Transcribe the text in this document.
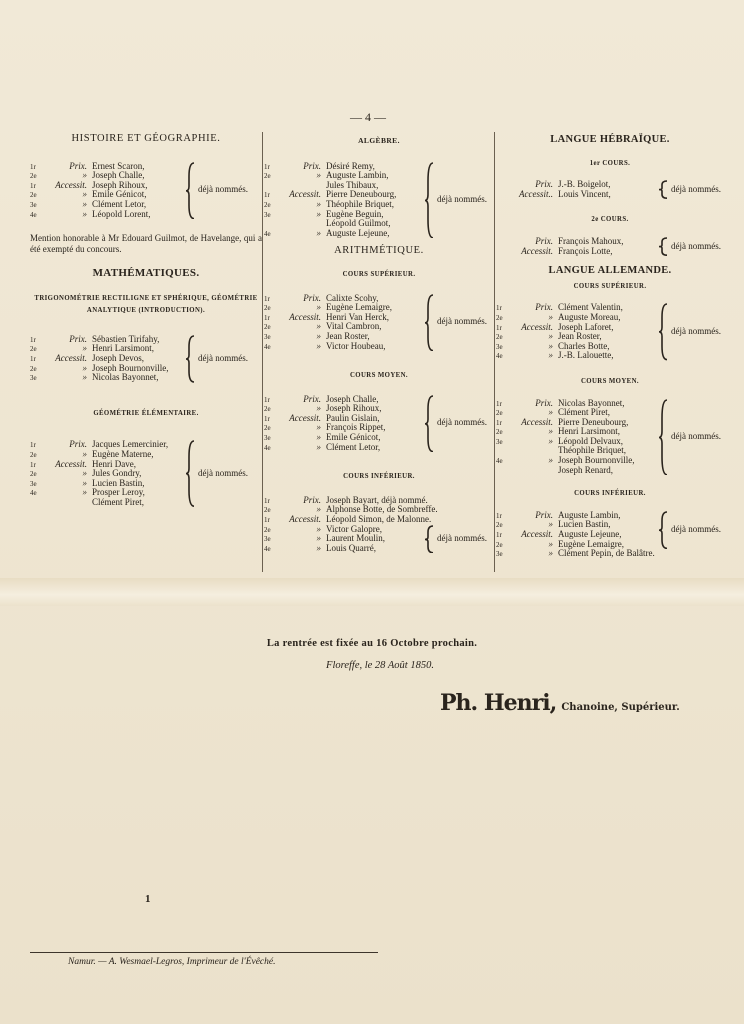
— 4 —

HISTOIRE ET GÉOGRAPHIE.

1r	Prix. Ernest Scaron,
2e	» Joseph Challe,
1r Accessit. Joseph Rihoux,
2e	» Emile Génicot,
3e	» Clément Letor,
4e	» Léopold Lorent,
déjà nommés.

Mention honorable à Mr Edouard Guilmot, de Havelange, qui a été exempté du concours.

MATHÉMATIQUES.

TRIGONOMÉTRIE RECTILIGNE ET SPHÉRIQUE, GÉOMÉTRIE ANALYTIQUE (INTRODUCTION).

1r	Prix. Sébastien Tirifahy,
2e	» Henri Larsimont,
1r Accessit. Joseph Devos,
2e	» Joseph Bournonville,
3e	» Nicolas Bayonnet,
déjà nommés.

GÉOMÉTRIE ÉLÉMENTAIRE.

1r	Prix. Jacques Lemercinier,
2e	» Eugène Materne,
1r Accessit. Henri Dave,
2e	» Jules Gondry,
3e	» Lucien Bastin,
4e	» Prosper Leroy,
Clément Piret,
déjà nommés.

ALGÈBRE.

1r	Prix. Désiré Remy,
2e	» Auguste Lambin,
Jules Thibaux,
1r Accessit. Pierre Deneubourg,
2e	» Théophile Briquet,
3e	» Eugène Beguin,
Léopold Guilmot,
4e	» Auguste Lejeune,
déjà nommés.

ARITHMÉTIQUE.

COURS SUPÉRIEUR.

1r	Prix. Calixte Scohy,
2e	» Eugène Lemaigre,
1r Accessit. Henri Van Herck,
2e	» Vital Cambron,
3e	» Jean Roster,
4e	» Victor Houbeau,
déjà nommés.

COURS MOYEN.

1r	Prix. Joseph Challe,
2e	» Joseph Rihoux,
1r Accessit. Paulin Gislain,
2e	» François Rippet,
3e	» Emile Génicot,
4e	» Clément Letor,
déjà nommés.

COURS INFÉRIEUR.

1r	Prix. Joseph Bayart, déjà nommé.
2e	» Alphonse Botte, de Sombreffe.
1r Accessit. Léopold Simon, de Malonne.
2e	» Victor Galopre,
3e	» Laurent Moulin,
4e	» Louis Quarré,
déjà nommés.

LANGUE HÉBRAÏQUE.

1er COURS.

Prix. J.-B. Boigelot,
Accessit.. Louis Vincent,	déjà nommés.

2e COURS.

Prix. François Mahoux,
Accessit. François Lotte,	déjà nommés.

LANGUE ALLEMANDE.

COURS SUPÉRIEUR.

1r	Prix. Clément Valentin,
2e	» Auguste Moreau,
1r Accessit. Joseph Laforet,
2e	» Jean Roster,
3e	» Charles Botte,
4e	» J.-B. Lalouette,
déjà nommés.

COURS MOYEN.

1r	Prix. Nicolas Bayonnet,
2e	» Clément Piret,
1r Accessit. Pierre Deneubourg,
2e	» Henri Larsimont,
3e	» Léopold Delvaux,
Théophile Briquet,
4e	» Joseph Bournonville,
Joseph Renard,
déjà nommés.

COURS INFÉRIEUR.

1r	Prix. Auguste Lambin,
2e	» Lucien Bastin,
1r Accessit. Auguste Lejeune,
2e	» Eugène Lemaigre,
3e	» Clément Pepin, de Balâtre.
déjà nommés.
La rentrée est fixée au 16 Octobre prochain.
Floreffe, le 28 Août 1850.
Ph. Henri, Chanoine, Supérieur.
1
Namur. — A. Wesmael-Legros, Imprimeur de l'Évêché.
